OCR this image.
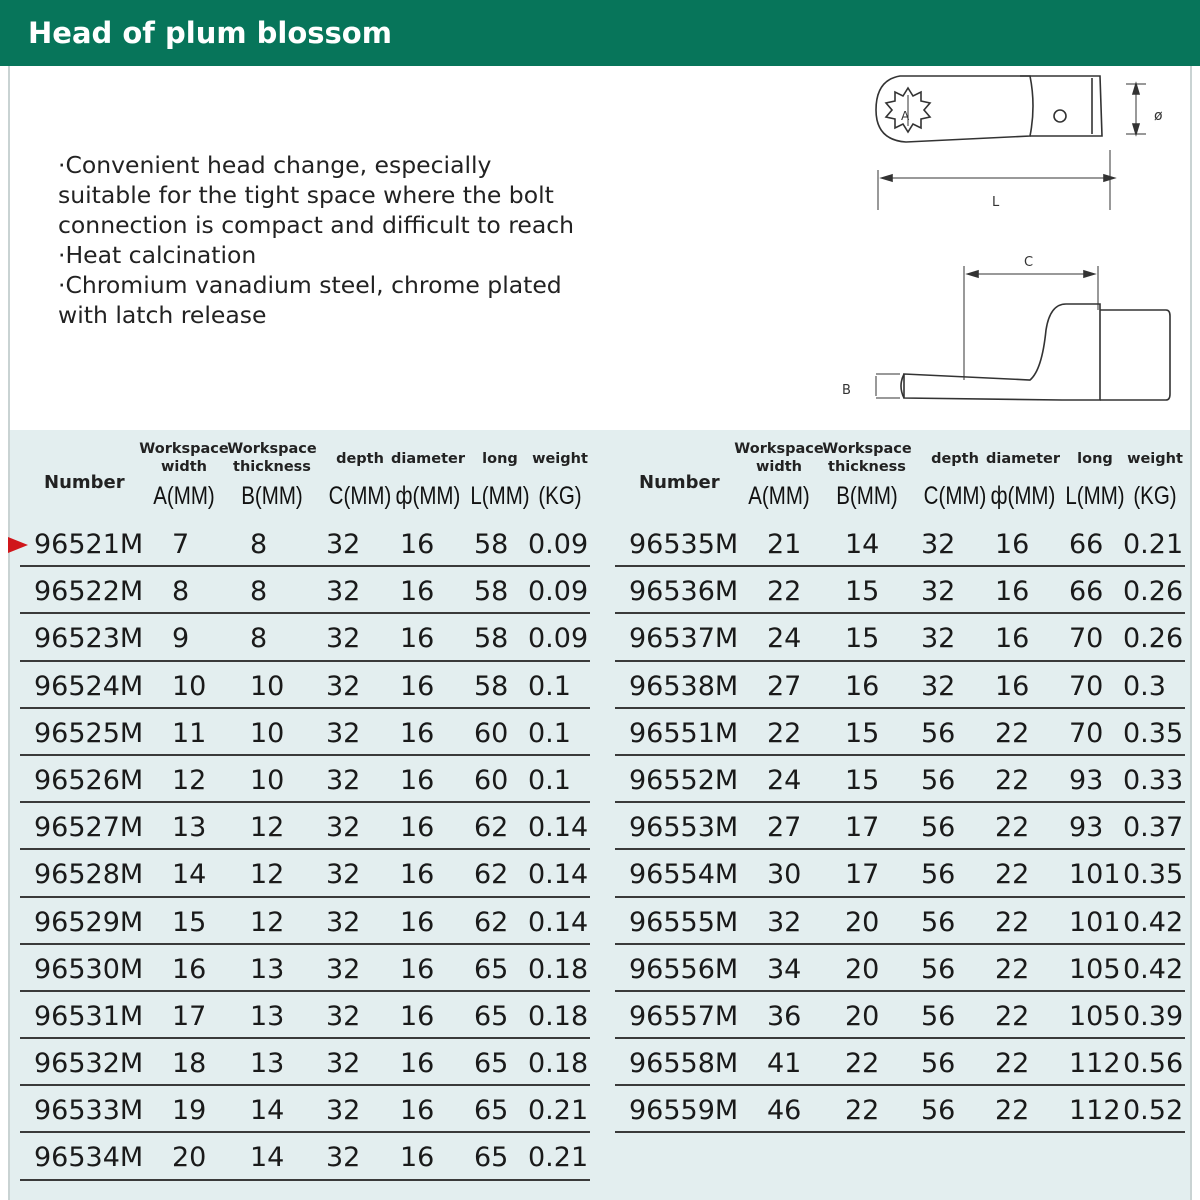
Head of plum blossom
·Convenient head change, especially
suitable for the tight space where the bolt
connection is compact and difficult to reach
·Heat calcination
·Chromium vanadium steel, chrome plated
with latch release
A
L
ø
C
B
Number
Workspace
width
A(MM)
Workspace
thickness
B(MM)
depth
C(MM)
diameter
ф(MM)
long
L(MM)
weight
(KG)
96521M 7 8 32 16 58 0.09
96522M 8 8 32 16 58 0.09
96523M 9 8 32 16 58 0.09
96524M 10 10 32 16 58 0.1
96525M 11 10 32 16 60 0.1
96526M 12 10 32 16 60 0.1
96527M 13 12 32 16 62 0.14
96528M 14 12 32 16 62 0.14
96529M 15 12 32 16 62 0.14
96530M 16 13 32 16 65 0.18
96531M 17 13 32 16 65 0.18
96532M 18 13 32 16 65 0.18
96533M 19 14 32 16 65 0.21
96534M 20 14 32 16 65 0.21
Number
Workspace
width
A(MM)
Workspace
thickness
B(MM)
depth
C(MM)
diameter
ф(MM)
long
L(MM)
weight
(KG)
96535M 21 14 32 16 66 0.21
96536M 22 15 32 16 66 0.26
96537M 24 15 32 16 70 0.26
96538M 27 16 32 16 70 0.3
96551M 22 15 56 22 70 0.35
96552M 24 15 56 22 93 0.33
96553M 27 17 56 22 93 0.37
96554M 30 17 56 22 101 0.35
96555M 32 20 56 22 101 0.42
96556M 34 20 56 22 105 0.42
96557M 36 20 56 22 105 0.39
96558M 41 22 56 22 112 0.56
96559M 46 22 56 22 112 0.52
